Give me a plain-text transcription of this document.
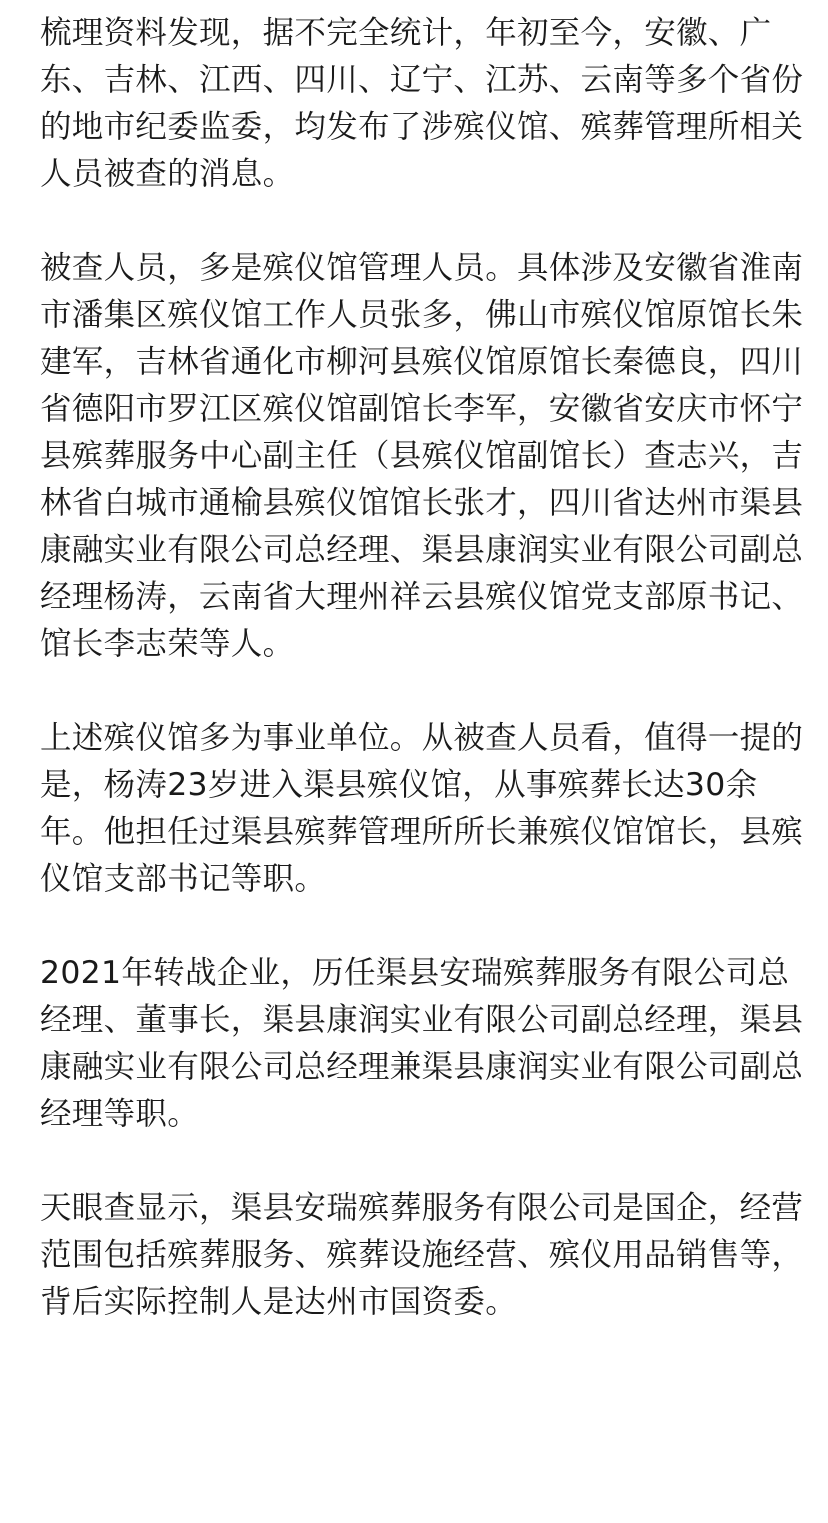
梳理资料发现，据不完全统计，年初至今，安徽、广
东、吉林、江西、四川、辽宁、江苏、云南等多个省份
的地市纪委监委，均发布了涉殡仪馆、殡葬管理所相关
人员被查的消息。

被查人员，多是殡仪馆管理人员。具体涉及安徽省淮南
市潘集区殡仪馆工作人员张多，佛山市殡仪馆原馆长朱
建军，吉林省通化市柳河县殡仪馆原馆长秦德良，四川
省德阳市罗江区殡仪馆副馆长李军，安徽省安庆市怀宁
县殡葬服务中心副主任（县殡仪馆副馆长）查志兴，吉
林省白城市通榆县殡仪馆馆长张才，四川省达州市渠县
康融实业有限公司总经理、渠县康润实业有限公司副总
经理杨涛，云南省大理州祥云县殡仪馆党支部原书记、
馆长李志荣等人。

上述殡仪馆多为事业单位。从被查人员看，值得一提的
是，杨涛23岁进入渠县殡仪馆，从事殡葬长达30余
年。他担任过渠县殡葬管理所所长兼殡仪馆馆长，县殡
仪馆支部书记等职。

2021年转战企业，历任渠县安瑞殡葬服务有限公司总
经理、董事长，渠县康润实业有限公司副总经理，渠县
康融实业有限公司总经理兼渠县康润实业有限公司副总
经理等职。

天眼查显示，渠县安瑞殡葬服务有限公司是国企，经营
范围包括殡葬服务、殡葬设施经营、殡仪用品销售等，
背后实际控制人是达州市国资委。
